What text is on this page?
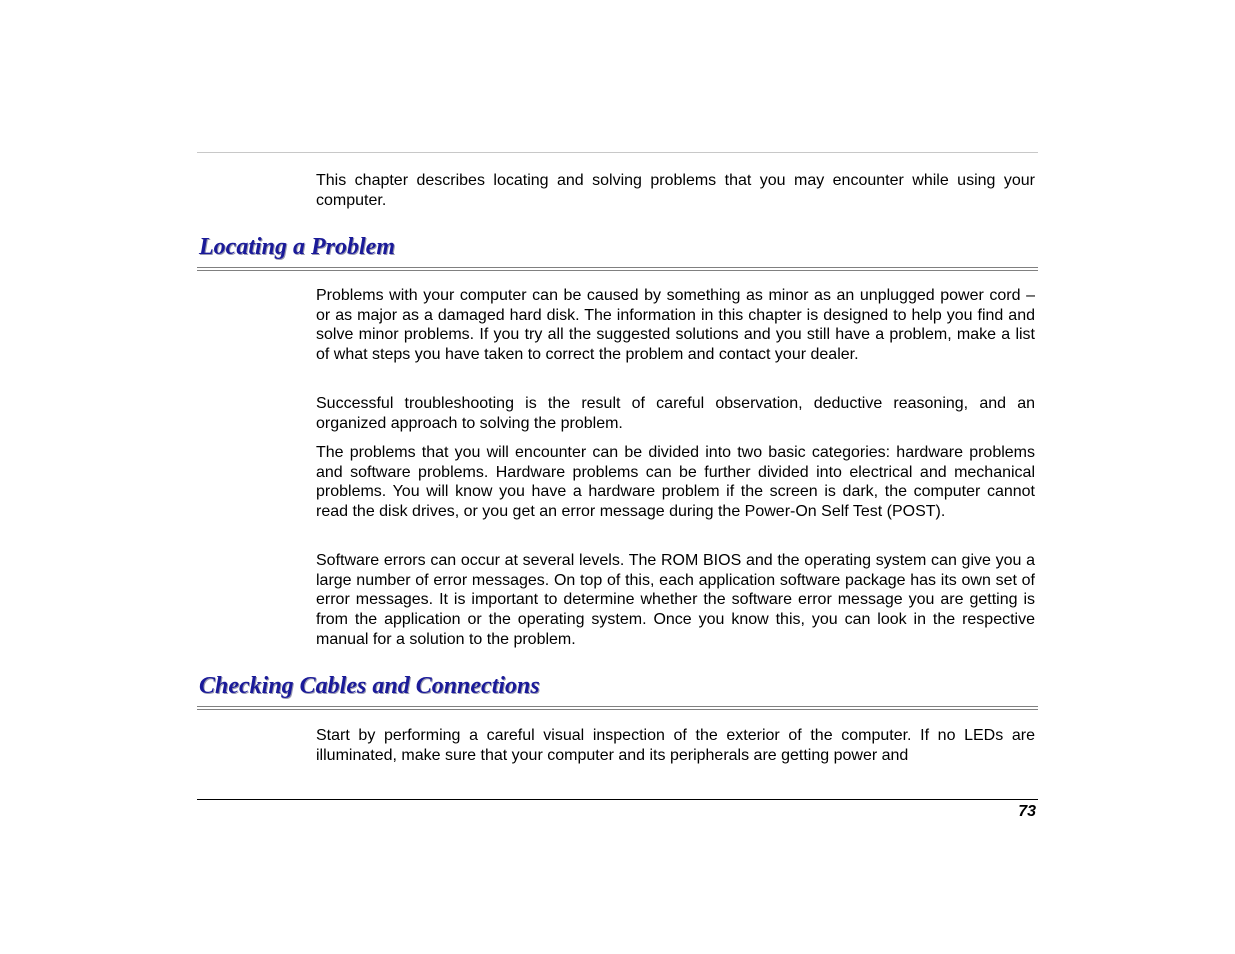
This chapter describes locating and solving problems that you may encounter while using your computer.

Locating a Problem

Problems with your computer can be caused by something as minor as an unplugged power cord – or as major as a damaged hard disk. The information in this chapter is designed to help you find and solve minor problems. If you try all the suggested solutions and you still have a problem, make a list of what steps you have taken to correct the problem and contact your dealer.

Successful troubleshooting is the result of careful observation, deductive reasoning, and an organized approach to solving the problem.

The problems that you will encounter can be divided into two basic categories: hardware problems and software problems. Hardware problems can be further divided into electrical and mechanical problems. You will know you have a hardware problem if the screen is dark, the computer cannot read the disk drives, or you get an error message during the Power-On Self Test (POST).

Software errors can occur at several levels. The ROM BIOS and the operating system can give you a large number of error messages. On top of this, each application software package has its own set of error messages. It is important to determine whether the software error message you are getting is from the application or the operating system. Once you know this, you can look in the respective manual for a solution to the problem.

Checking Cables and Connections

Start by performing a careful visual inspection of the exterior of the computer. If no LEDs are illuminated, make sure that your computer and its peripherals are getting power and

73
